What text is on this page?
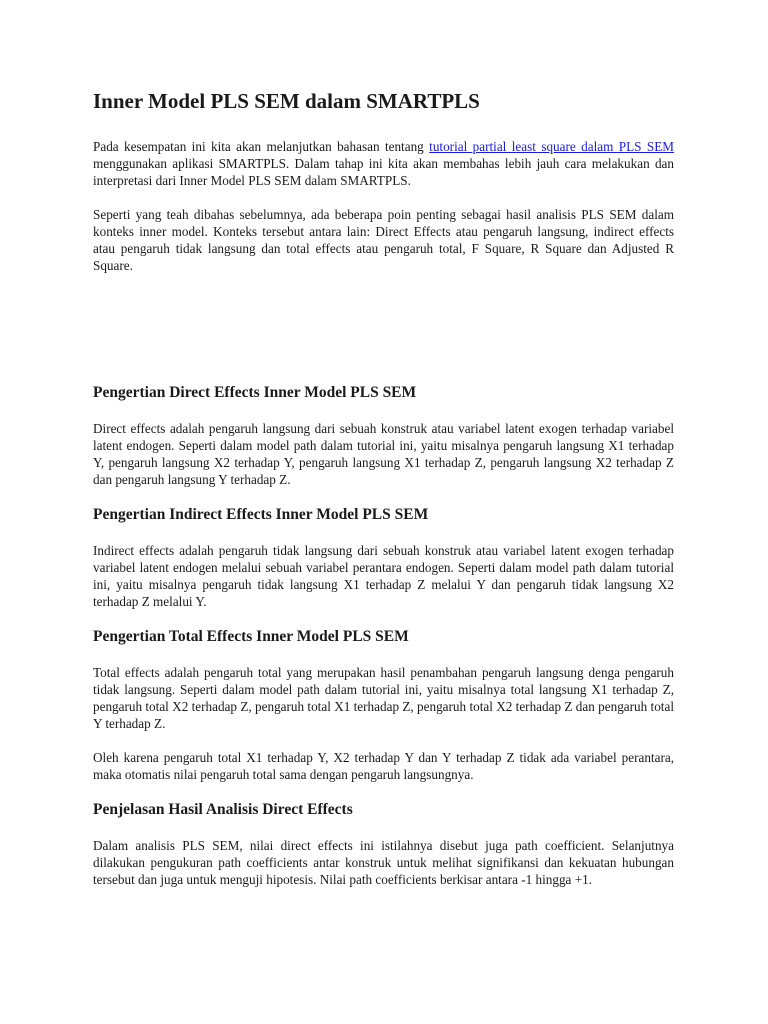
Inner Model PLS SEM dalam SMARTPLS

Pada kesempatan ini kita akan melanjutkan bahasan tentang tutorial partial least square dalam PLS SEM menggunakan aplikasi SMARTPLS. Dalam tahap ini kita akan membahas lebih jauh cara melakukan dan interpretasi dari Inner Model PLS SEM dalam SMARTPLS.

Seperti yang teah dibahas sebelumnya, ada beberapa poin penting sebagai hasil analisis PLS SEM dalam konteks inner model. Konteks tersebut antara lain: Direct Effects atau pengaruh langsung, indirect effects atau pengaruh tidak langsung dan total effects atau pengaruh total, F Square, R Square dan Adjusted R Square.

Pengertian Direct Effects Inner Model PLS SEM

Direct effects adalah pengaruh langsung dari sebuah konstruk atau variabel latent exogen terhadap variabel latent endogen. Seperti dalam model path dalam tutorial ini, yaitu misalnya pengaruh langsung X1 terhadap Y, pengaruh langsung X2 terhadap Y, pengaruh langsung X1 terhadap Z, pengaruh langsung X2 terhadap Z dan pengaruh langsung Y terhadap Z.

Pengertian Indirect Effects Inner Model PLS SEM

Indirect effects adalah pengaruh tidak langsung dari sebuah konstruk atau variabel latent exogen terhadap variabel latent endogen melalui sebuah variabel perantara endogen. Seperti dalam model path dalam tutorial ini, yaitu misalnya pengaruh tidak langsung X1 terhadap Z melalui Y dan pengaruh tidak langsung X2 terhadap Z melalui Y.

Pengertian Total Effects Inner Model PLS SEM

Total effects adalah pengaruh total yang merupakan hasil penambahan pengaruh langsung denga pengaruh tidak langsung. Seperti dalam model path dalam tutorial ini, yaitu misalnya total langsung X1 terhadap Z, pengaruh total X2 terhadap Z, pengaruh total X1 terhadap Z, pengaruh total X2 terhadap Z dan pengaruh total Y terhadap Z.

Oleh karena pengaruh total X1 terhadap Y, X2 terhadap Y dan Y terhadap Z tidak ada variabel perantara, maka otomatis nilai pengaruh total sama dengan pengaruh langsungnya.

Penjelasan Hasil Analisis Direct Effects

Dalam analisis PLS SEM, nilai direct effects ini istilahnya disebut juga path coefficient. Selanjutnya dilakukan pengukuran path coefficients antar konstruk untuk melihat signifikansi dan kekuatan hubungan tersebut dan juga untuk menguji hipotesis. Nilai path coefficients berkisar antara -1 hingga +1.
